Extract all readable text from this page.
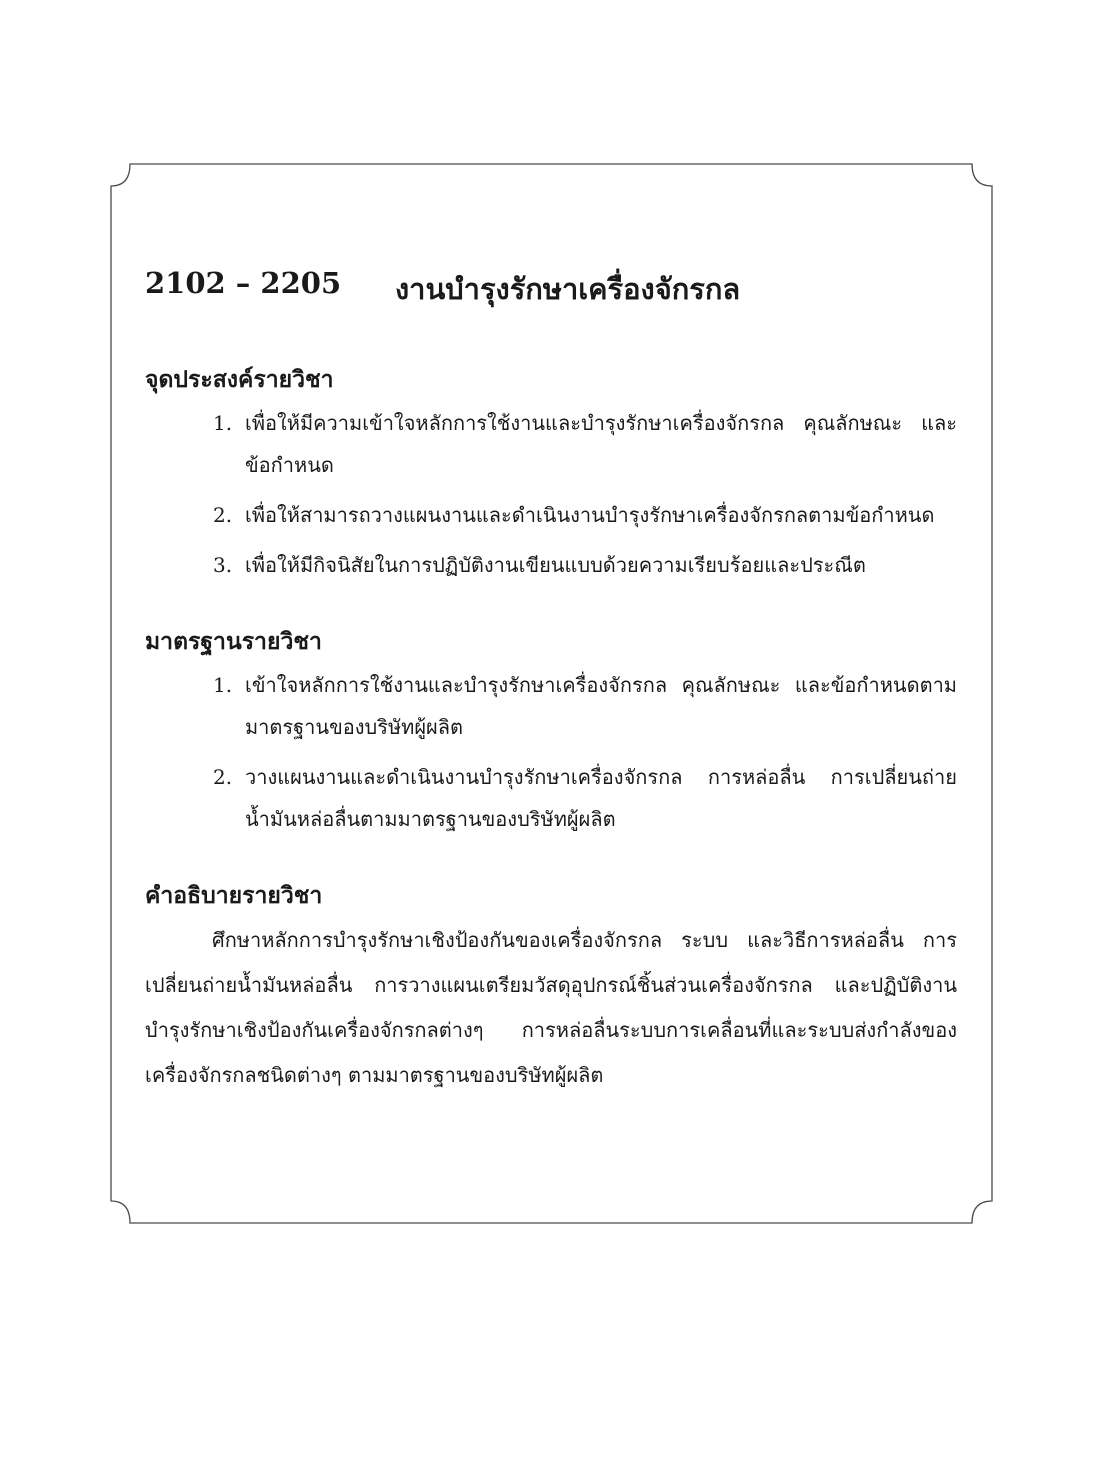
2102 – 2205 งานบำรุงรักษาเครื่องจักรกล
จุดประสงค์รายวิชา
1. เพื่อให้มีความเข้าใจหลักการใช้งานและบำรุงรักษาเครื่องจักรกล คุณลักษณะ และข้อกำหนด
2. เพื่อให้สามารถวางแผนงานและดำเนินงานบำรุงรักษาเครื่องจักรกลตามข้อกำหนด
3. เพื่อให้มีกิจนิสัยในการปฏิบัติงานเขียนแบบด้วยความเรียบร้อยและประณีต
มาตรฐานรายวิชา
1. เข้าใจหลักการใช้งานและบำรุงรักษาเครื่องจักรกล คุณลักษณะ และข้อกำหนดตามมาตรฐานของบริษัทผู้ผลิต
2. วางแผนงานและดำเนินงานบำรุงรักษาเครื่องจักรกล การหล่อลื่น การเปลี่ยนถ่ายน้ำมันหล่อลื่นตามมาตรฐานของบริษัทผู้ผลิต
คำอธิบายรายวิชา

ศึกษาหลักการบำรุงรักษาเชิงป้องกันของเครื่องจักรกล ระบบ และวิธีการหล่อลื่น การเปลี่ยนถ่ายน้ำมันหล่อลื่น การวางแผนเตรียมวัสดุอุปกรณ์ชิ้นส่วนเครื่องจักรกล และปฏิบัติงานบำรุงรักษาเชิงป้องกันเครื่องจักรกลต่างๆ การหล่อลื่นระบบการเคลื่อนที่และระบบส่งกำลังของเครื่องจักรกลชนิดต่างๆ ตามมาตรฐานของบริษัทผู้ผลิต
